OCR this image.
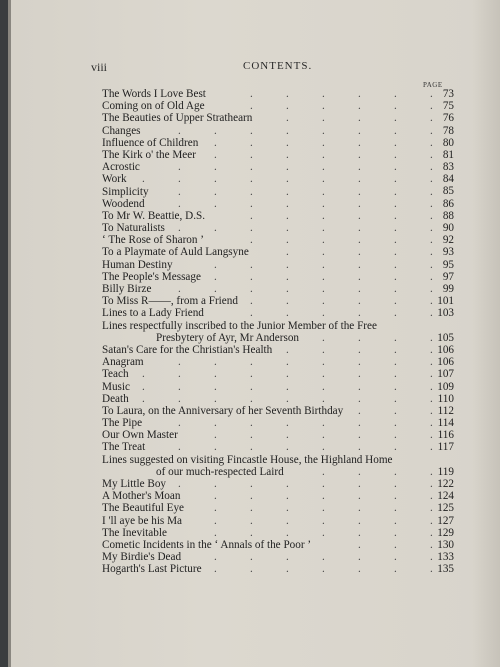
viii	CONTENTS.
PAGE
The Words I Love Best	73
.	.	.	.	.	.
Coming on of Old Age	75
.	.	.	.	.	.
The Beauties of Upper Strathearn	76
.	.	.	.	.
Changes	78
.	.	.	.	.	.	.	.
Influence of Children	80
.	.	.	.	.	.	.
The Kirk o' the Meer	81
.	.	.	.	.	.	.
Acrostic	83
.	.	.	.	.	.	.	.
Work	84
.	.	.	.	.	.	.	.	.
Simplicity	85
.	.	.	.	.	.	.	.
Woodend	86
.	.	.	.	.	.	.	.
To Mr W. Beattie, D.S.	88
.	.	.	.	.	.
To Naturalists	90
.	.	.	.	.	.	.	.
‘ The Rose of Sharon ’	92
.	.	.	.	.	.
To a Playmate of Auld Langsyne	93
.	.	.	.	.
Human Destiny	95
.	.	.	.	.	.	.
The People's Message	97
.	.	.	.	.	.	.
Billy Birze	99
.	.	.	.	.	.	.	.
To Miss R——, from a Friend	101
.	.	.	.	.	.
Lines to a Lady Friend	103
.	.	.	.	.	.
Lines respectfully inscribed to the Junior Member of the Free
Presbytery of Ayr, Mr Anderson	105
.	.	.	.
Satan's Care for the Christian's Health	106
.	.	.	.	.
Anagram	106
.	.	.	.	.	.	.	.
Teach	107
.	.	.	.	.	.	.	.	.
Music	109
.	.	.	.	.	.	.	.	.
Death	110
.	.	.	.	.	.	.	.	.
To Laura, on the Anniversary of her Seventh Birthday	112
.	.	.
The Pipe	114
.	.	.	.	.	.	.	.
Our Own Master	116
.	.	.	.	.	.	.
The Treat	117
.	.	.	.	.	.	.	.
Lines suggested on visiting Fincastle House, the Highland Home
of our much-respected Laird	119
.	.	.	.
My Little Boy	122
.	.	.	.	.	.	.	.
A Mother's Moan	124
.	.	.	.	.	.	.
The Beautiful Eye	125
.	.	.	.	.	.	.
I 'll aye be his Ma	127
.	.	.	.	.	.	.
The Inevitable	129
.	.	.	.	.	.	.
Cometic Incidents in the ‘ Annals of the Poor ’	130
.	.	.
My Birdie's Dead	133
.	.	.	.	.	.	.
Hogarth's Last Picture	135
.	.	.	.	.	.	.
